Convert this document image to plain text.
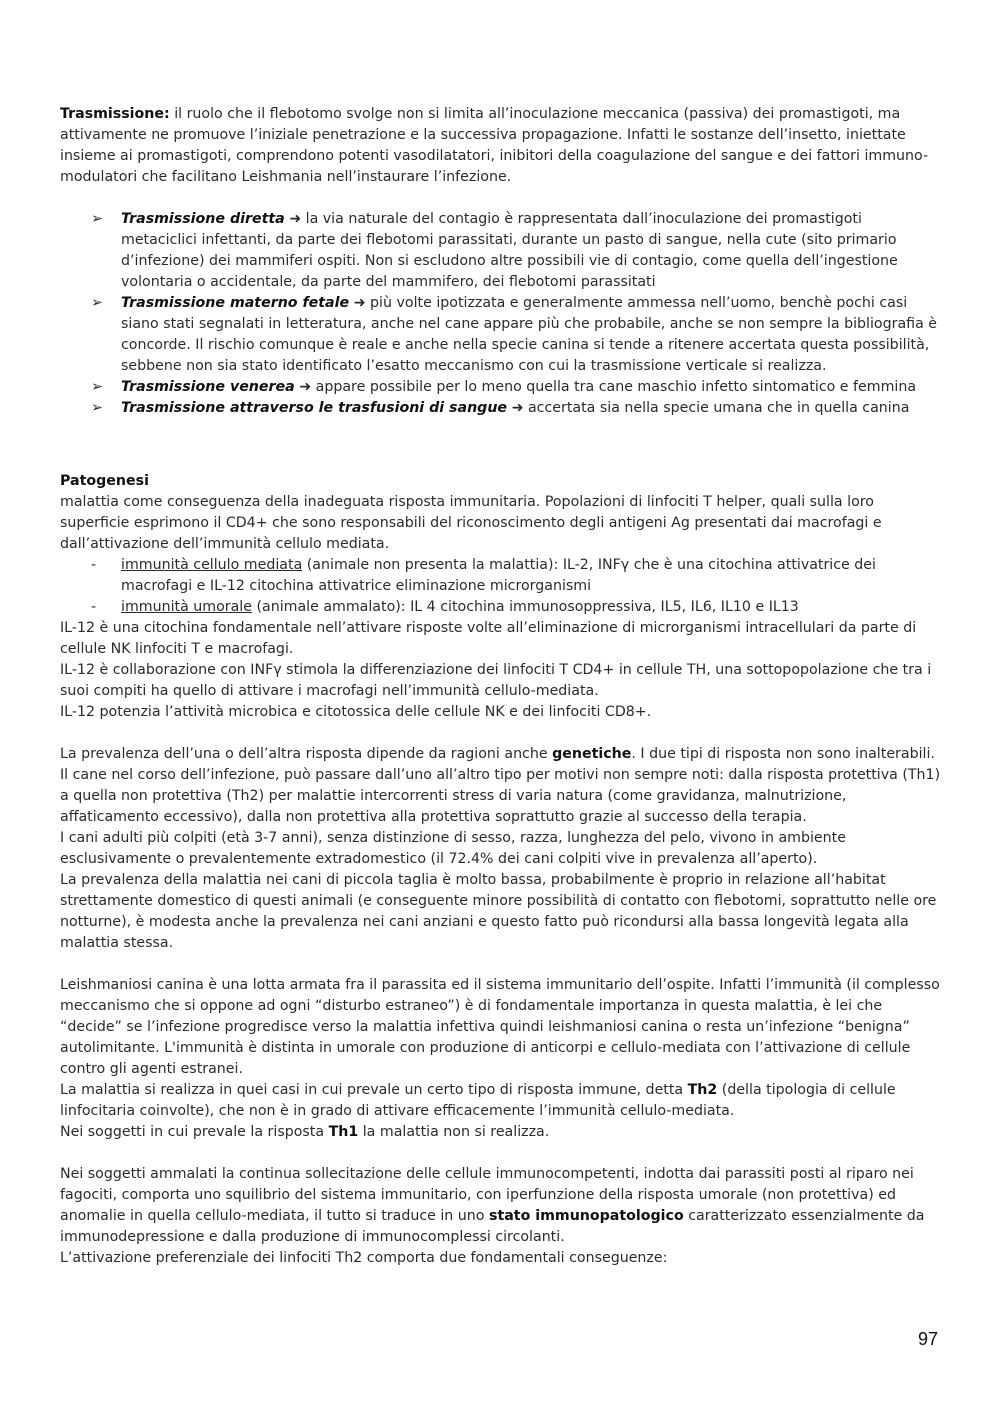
Trasmissione: il ruolo che il flebotomo svolge non si limita all’inoculazione meccanica (passiva) dei promastigoti, ma attivamente ne promuove l’iniziale penetrazione e la successiva propagazione. Infatti le sostanze dell’insetto, iniettate insieme ai promastigoti, comprendono potenti vasodilatatori, inibitori della coagulazione del sangue e dei fattori immuno-modulatori che facilitano Leishmania nell’instaurare l’infezione.

➢ Trasmissione diretta ➜ la via naturale del contagio è rappresentata dall’inoculazione dei promastigoti metaciclici infettanti, da parte dei flebotomi parassitati, durante un pasto di sangue, nella cute (sito primario d’infezione) dei mammiferi ospiti. Non si escludono altre possibili vie di contagio, come quella dell’ingestione volontaria o accidentale, da parte del mammifero, dei flebotomi parassitati
➢ Trasmissione materno fetale ➜ più volte ipotizzata e generalmente ammessa nell’uomo, benchè pochi casi siano stati segnalati in letteratura, anche nel cane appare più che probabile, anche se non sempre la bibliografia è concorde. Il rischio comunque è reale e anche nella specie canina si tende a ritenere accertata questa possibilità, sebbene non sia stato identificato l’esatto meccanismo con cui la trasmissione verticale si realizza.
➢ Trasmissione venerea ➜ appare possibile per lo meno quella tra cane maschio infetto sintomatico e femmina
➢ Trasmissione attraverso le trasfusioni di sangue ➜ accertata sia nella specie umana che in quella canina

Patogenesi

malattia come conseguenza della inadeguata risposta immunitaria. Popolazioni di linfociti T helper, quali sulla loro superficie esprimono il CD4+ che sono responsabili del riconoscimento degli antigeni Ag presentati dai macrofagi e dall’attivazione dell’immunità cellulo mediata.

- immunità cellulo mediata (animale non presenta la malattia): IL-2, INFγ che è una citochina attivatrice dei macrofagi e IL-12 citochina attivatrice eliminazione microrganismi
- immunità umorale (animale ammalato): IL 4 citochina immunosoppressiva, IL5, IL6, IL10 e IL13

IL-12 è una citochina fondamentale nell’attivare risposte volte all’eliminazione di microrganismi intracellulari da parte di cellule NK linfociti T e macrofagi.

IL-12 è collaborazione con INFγ stimola la differenziazione dei linfociti T CD4+ in cellule TH, una sottopopolazione che tra i suoi compiti ha quello di attivare i macrofagi nell’immunità cellulo-mediata.

IL-12 potenzia l’attività microbica e citotossica delle cellule NK e dei linfociti CD8+.

La prevalenza dell’una o dell’altra risposta dipende da ragioni anche genetiche. I due tipi di risposta non sono inalterabili. Il cane nel corso dell’infezione, può passare dall’uno all’altro tipo per motivi non sempre noti: dalla risposta protettiva (Th1) a quella non protettiva (Th2) per malattie intercorrenti stress di varia natura (come gravidanza, malnutrizione, affaticamento eccessivo), dalla non protettiva alla protettiva soprattutto grazie al successo della terapia.

I cani adulti più colpiti (età 3-7 anni), senza distinzione di sesso, razza, lunghezza del pelo, vivono in ambiente esclusivamente o prevalentemente extradomestico (il 72.4% dei cani colpiti vive in prevalenza all’aperto).

La prevalenza della malattia nei cani di piccola taglia è molto bassa, probabilmente è proprio in relazione all’habitat strettamente domestico di questi animali (e conseguente minore possibilità di contatto con flebotomi, soprattutto nelle ore notturne), è modesta anche la prevalenza nei cani anziani e questo fatto può ricondursi alla bassa longevità legata alla malattia stessa.

Leishmaniosi canina è una lotta armata fra il parassita ed il sistema immunitario dell’ospite. Infatti l’immunità (il complesso meccanismo che si oppone ad ogni “disturbo estraneo”) è di fondamentale importanza in questa malattia, è lei che “decide” se l’infezione progredisce verso la malattia infettiva quindi leishmaniosi canina o resta un’infezione “benigna” autolimitante. L'immunità è distinta in umorale con produzione di anticorpi e cellulo-mediata con l’attivazione di cellule contro gli agenti estranei.

La malattia si realizza in quei casi in cui prevale un certo tipo di risposta immune, detta Th2 (della tipologia di cellule linfocitaria coinvolte), che non è in grado di attivare efficacemente l’immunità cellulo-mediata.

Nei soggetti in cui prevale la risposta Th1 la malattia non si realizza.

Nei soggetti ammalati la continua sollecitazione delle cellule immunocompetenti, indotta dai parassiti posti al riparo nei fagociti, comporta uno squilibrio del sistema immunitario, con iperfunzione della risposta umorale (non protettiva) ed anomalie in quella cellulo-mediata, il tutto si traduce in uno stato immunopatologico caratterizzato essenzialmente da immunodepressione e dalla produzione di immunocomplessi circolanti.

L’attivazione preferenziale dei linfociti Th2 comporta due fondamentali conseguenze:

97
